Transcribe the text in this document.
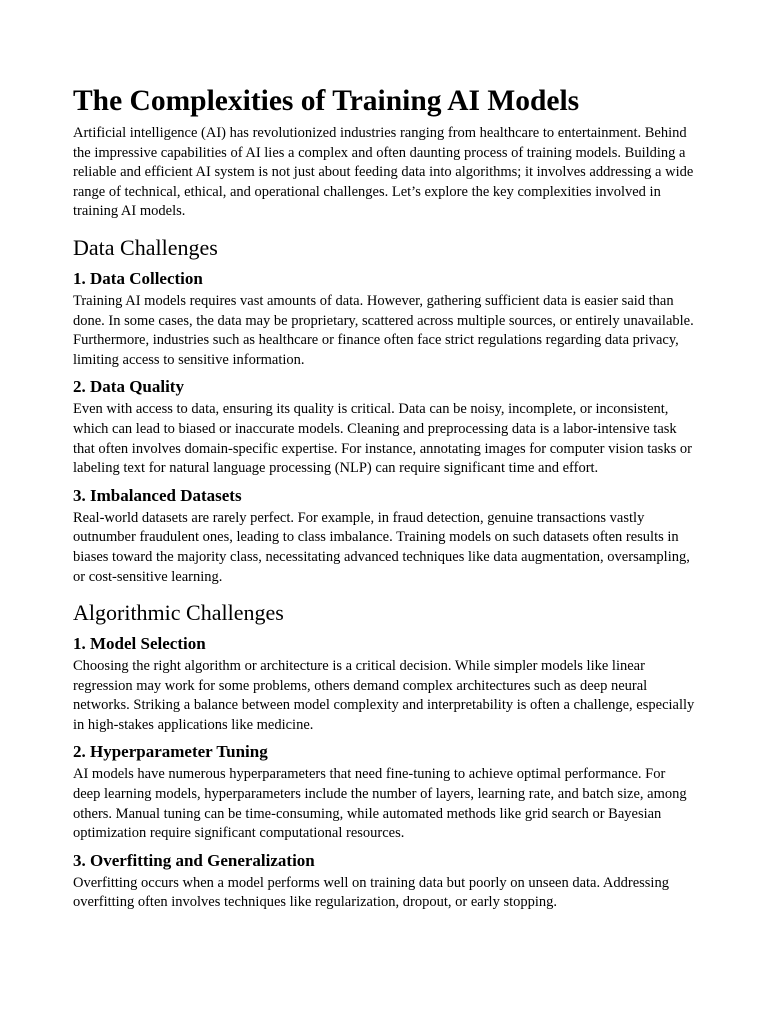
The Complexities of Training AI Models

Artificial intelligence (AI) has revolutionized industries ranging from healthcare to entertainment. Behind the impressive capabilities of AI lies a complex and often daunting process of training models. Building a reliable and efficient AI system is not just about feeding data into algorithms; it involves addressing a wide range of technical, ethical, and operational challenges. Let’s explore the key complexities involved in training AI models.

Data Challenges
1. Data Collection

Training AI models requires vast amounts of data. However, gathering sufficient data is easier said than done. In some cases, the data may be proprietary, scattered across multiple sources, or entirely unavailable. Furthermore, industries such as healthcare or finance often face strict regulations regarding data privacy, limiting access to sensitive information.

2. Data Quality

Even with access to data, ensuring its quality is critical. Data can be noisy, incomplete, or inconsistent, which can lead to biased or inaccurate models. Cleaning and preprocessing data is a labor-intensive task that often involves domain-specific expertise. For instance, annotating images for computer vision tasks or labeling text for natural language processing (NLP) can require significant time and effort.

3. Imbalanced Datasets

Real-world datasets are rarely perfect. For example, in fraud detection, genuine transactions vastly outnumber fraudulent ones, leading to class imbalance. Training models on such datasets often results in biases toward the majority class, necessitating advanced techniques like data augmentation, oversampling, or cost-sensitive learning.

Algorithmic Challenges
1. Model Selection

Choosing the right algorithm or architecture is a critical decision. While simpler models like linear regression may work for some problems, others demand complex architectures such as deep neural networks. Striking a balance between model complexity and interpretability is often a challenge, especially in high-stakes applications like medicine.

2. Hyperparameter Tuning

AI models have numerous hyperparameters that need fine-tuning to achieve optimal performance. For deep learning models, hyperparameters include the number of layers, learning rate, and batch size, among others. Manual tuning can be time-consuming, while automated methods like grid search or Bayesian optimization require significant computational resources.

3. Overfitting and Generalization

Overfitting occurs when a model performs well on training data but poorly on unseen data. Addressing overfitting often involves techniques like regularization, dropout, or early stopping.
